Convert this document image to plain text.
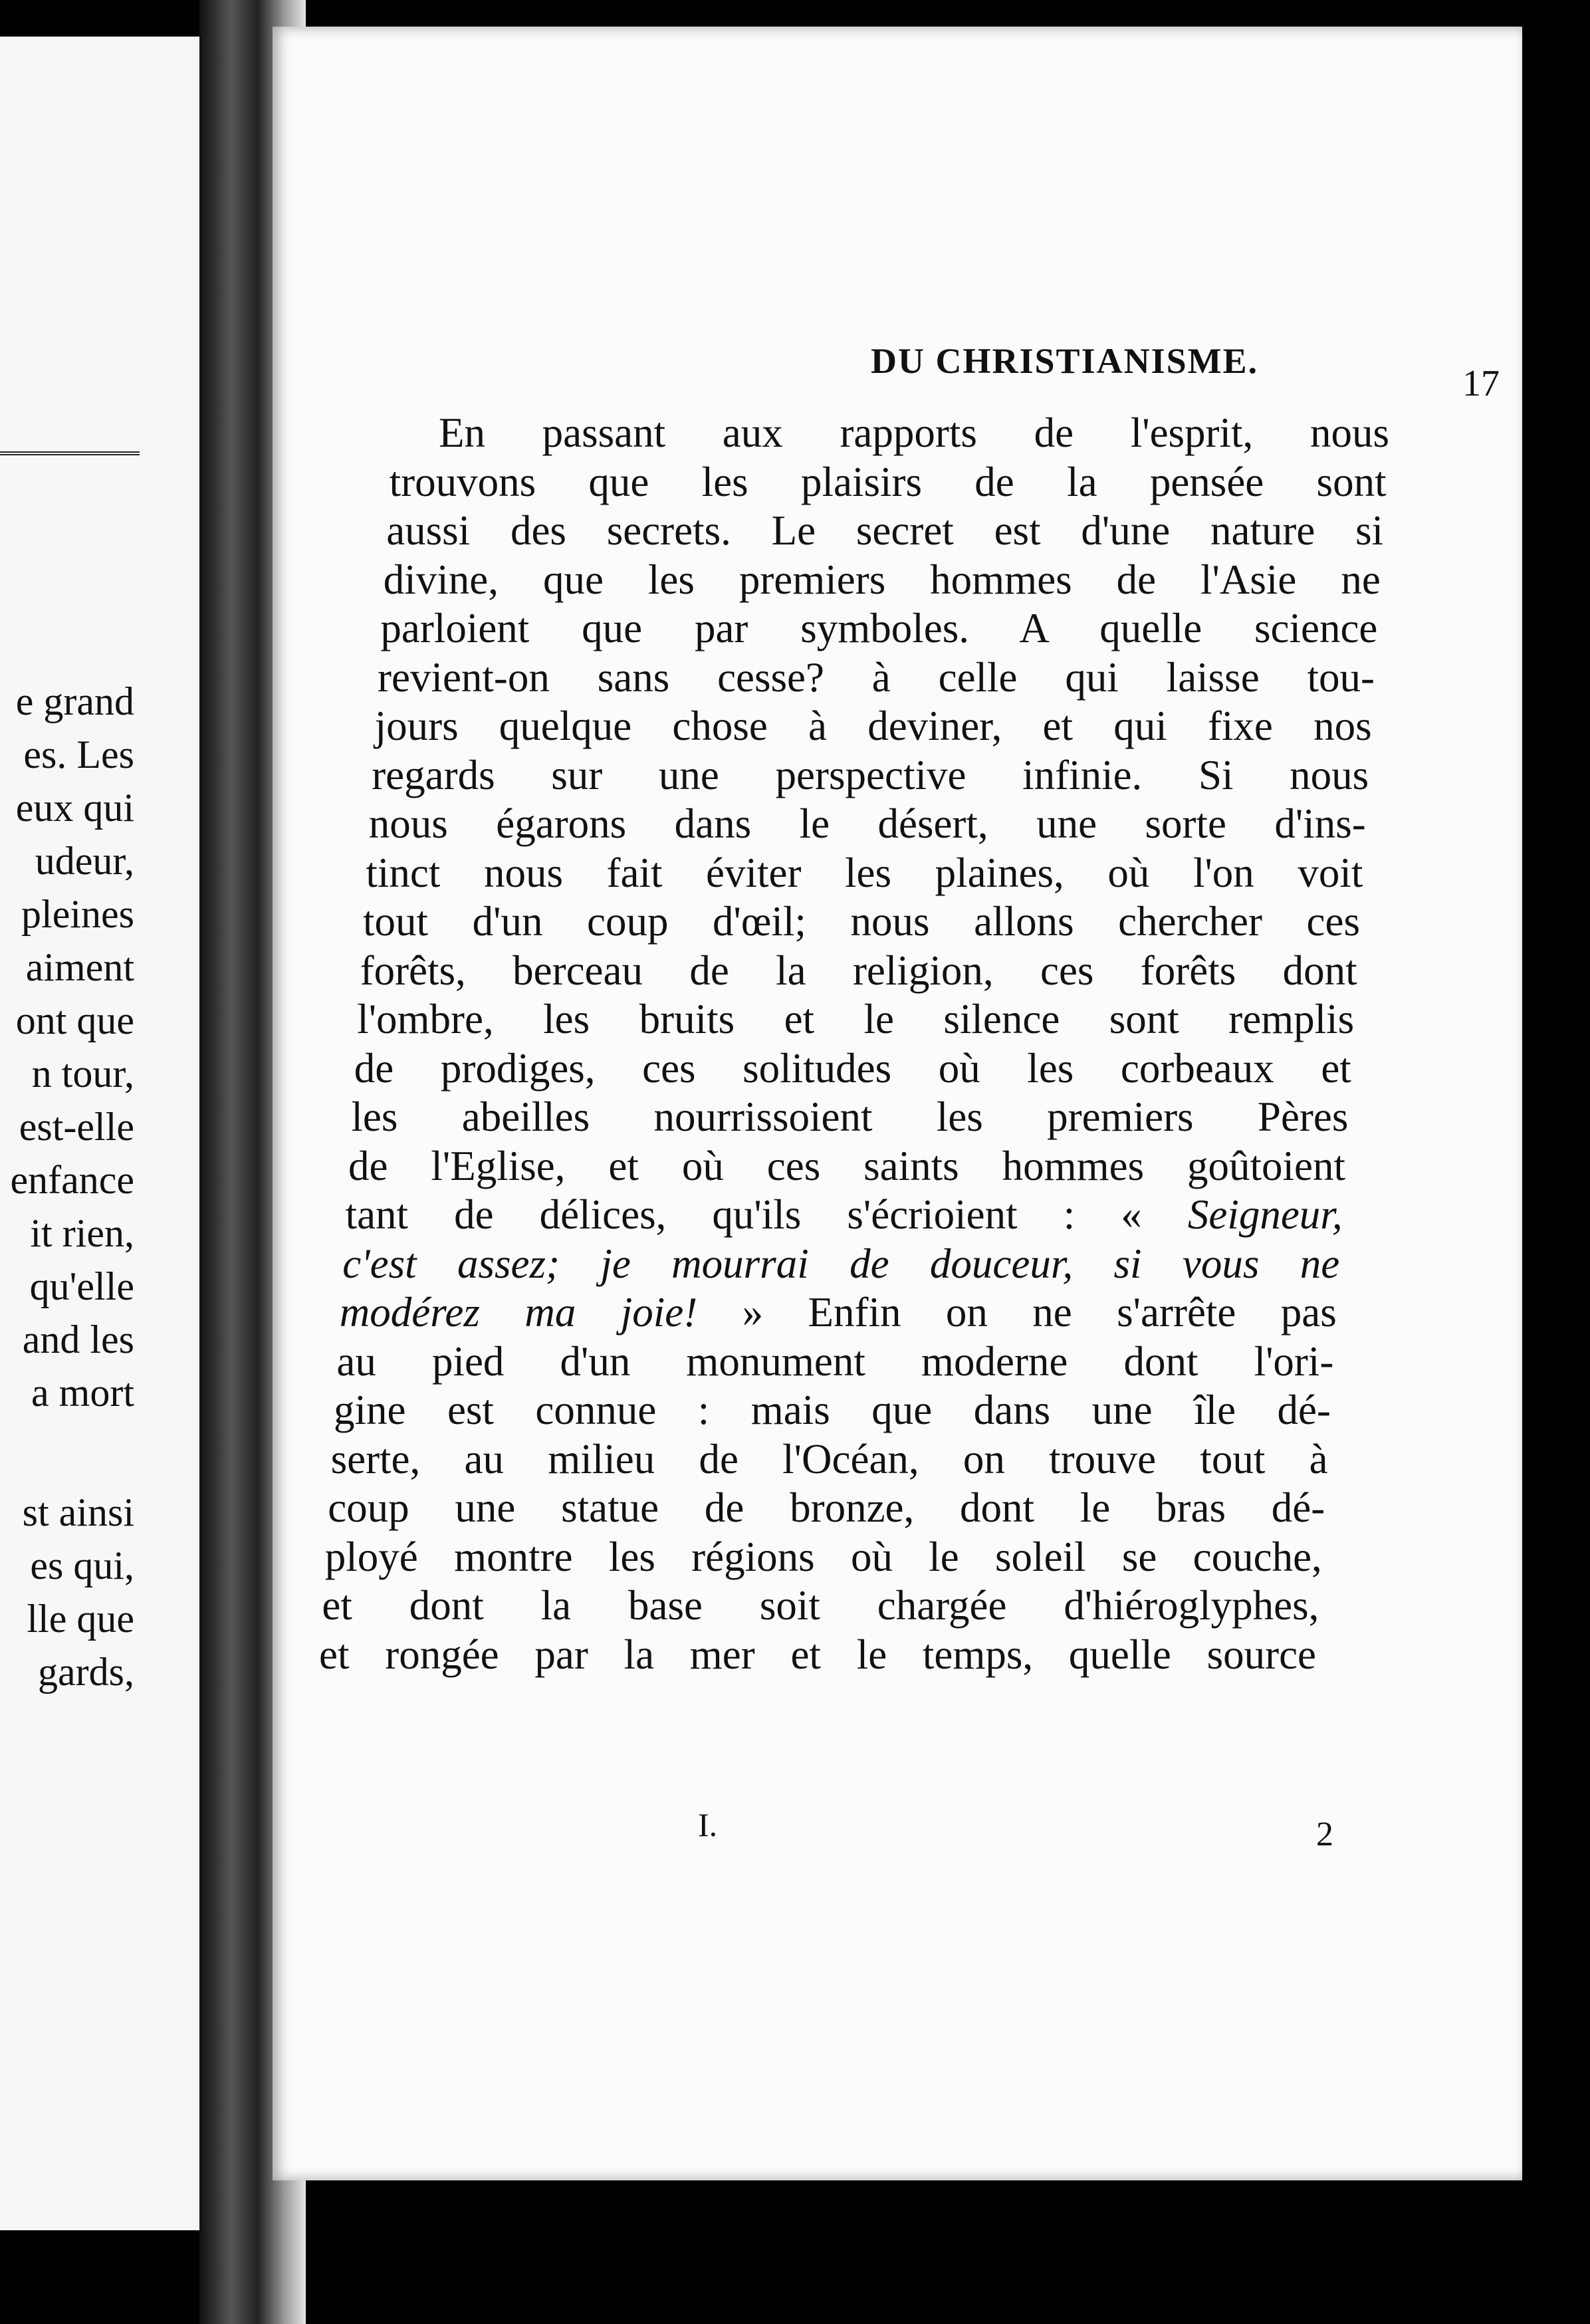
e grand
es. Les
eux qui
udeur,
pleines
aiment
ont que
n tour,
est-elle
enfance
it rien,
qu'elle
and les
a mort
st ainsi
es qui,
lle que
gards,
DU CHRISTIANISME.
17
En passant aux rapports de l'esprit, nous
trouvons que les plaisirs de la pensée sont
aussi des secrets. Le secret est d'une nature si
divine, que les premiers hommes de l'Asie ne
parloient que par symboles. A quelle science
revient-on sans cesse? à celle qui laisse tou-
jours quelque chose à deviner, et qui fixe nos
regards sur une perspective infinie. Si nous
nous égarons dans le désert, une sorte d'ins-
tinct nous fait éviter les plaines, où l'on voit
tout d'un coup d'œil; nous allons chercher ces
forêts, berceau de la religion, ces forêts dont
l'ombre, les bruits et le silence sont remplis
de prodiges, ces solitudes où les corbeaux et
les abeilles nourrissoient les premiers Pères
de l'Eglise, et où ces saints hommes goûtoient
tant de délices, qu'ils s'écrioient : « Seigneur,
c'est assez; je mourrai de douceur, si vous ne
modérez ma joie! » Enfin on ne s'arrête pas
au pied d'un monument moderne dont l'ori-
gine est connue : mais que dans une île dé-
serte, au milieu de l'Océan, on trouve tout à
coup une statue de bronze, dont le bras dé-
ployé montre les régions où le soleil se couche,
et dont la base soit chargée d'hiéroglyphes,
et rongée par la mer et le temps, quelle source
I.	2
